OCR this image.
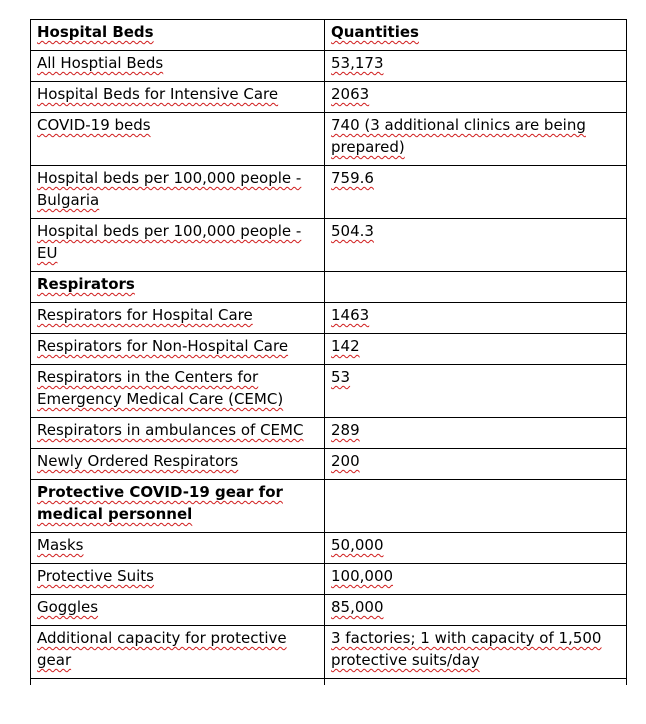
Hospital Beds	Quantities
All Hosptial Beds	53,173
Hospital Beds for Intensive Care	2063
COVID-19 beds	740 (3 additional clinics are being prepared)
Hospital beds per 100,000 people - Bulgaria	759.6
Hospital beds per 100,000 people - EU	504.3
Respirators	
Respirators for Hospital Care	1463
Respirators for Non-Hospital Care	142
Respirators in the Centers for Emergency Medical Care (CEMC)	53
Respirators in ambulances of CEMC	289
Newly Ordered Respirators	200
Protective COVID-19 gear for medical personnel	
Masks	50,000
Protective Suits	100,000
Goggles	85,000
Additional capacity for protective gear	3 factories; 1 with capacity of 1,500 protective suits/day
